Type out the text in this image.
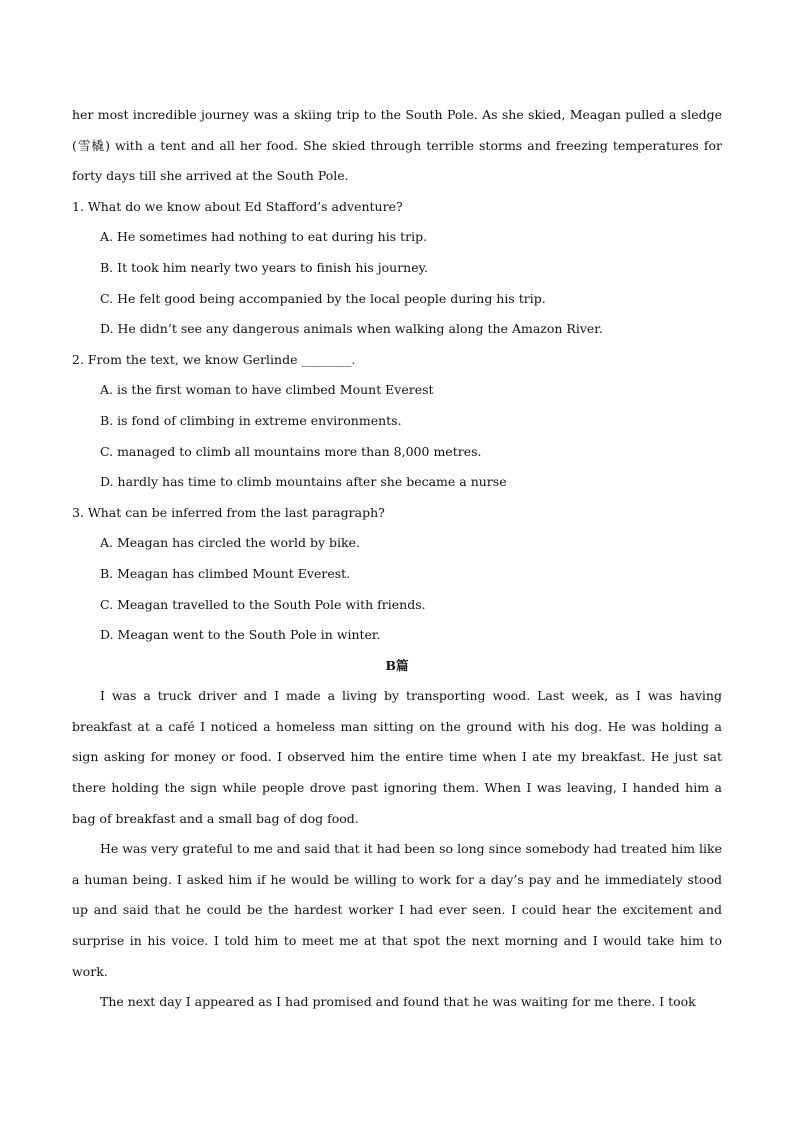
her most incredible journey was a skiing trip to the South Pole. As she skied, Meagan pulled a sledge (雪橇) with a tent and all her food. She skied through terrible storms and freezing temperatures for forty days till she arrived at the South Pole.

1. What do we know about Ed Stafford’s adventure?

A. He sometimes had nothing to eat during his trip.

B. It took him nearly two years to finish his journey.

C. He felt good being accompanied by the local people during his trip.

D. He didn’t see any dangerous animals when walking along the Amazon River.

2. From the text, we know Gerlinde ________.

A. is the first woman to have climbed Mount Everest

B. is fond of climbing in extreme environments.

C. managed to climb all mountains more than 8,000 metres.

D. hardly has time to climb mountains after she became a nurse

3. What can be inferred from the last paragraph?

A. Meagan has circled the world by bike.

B. Meagan has climbed Mount Everest.

C. Meagan travelled to the South Pole with friends.

D. Meagan went to the South Pole in winter.

B篇

I was a truck driver and I made a living by transporting wood. Last week, as I was having breakfast at a café I noticed a homeless man sitting on the ground with his dog. He was holding a sign asking for money or food. I observed him the entire time when I ate my breakfast. He just sat there holding the sign while people drove past ignoring them. When I was leaving, I handed him a bag of breakfast and a small bag of dog food.

He was very grateful to me and said that it had been so long since somebody had treated him like a human being. I asked him if he would be willing to work for a day’s pay and he immediately stood up and said that he could be the hardest worker I had ever seen. I could hear the excitement and surprise in his voice. I told him to meet me at that spot the next morning and I would take him to work.

The next day I appeared as I had promised and found that he was waiting for me there. I took
